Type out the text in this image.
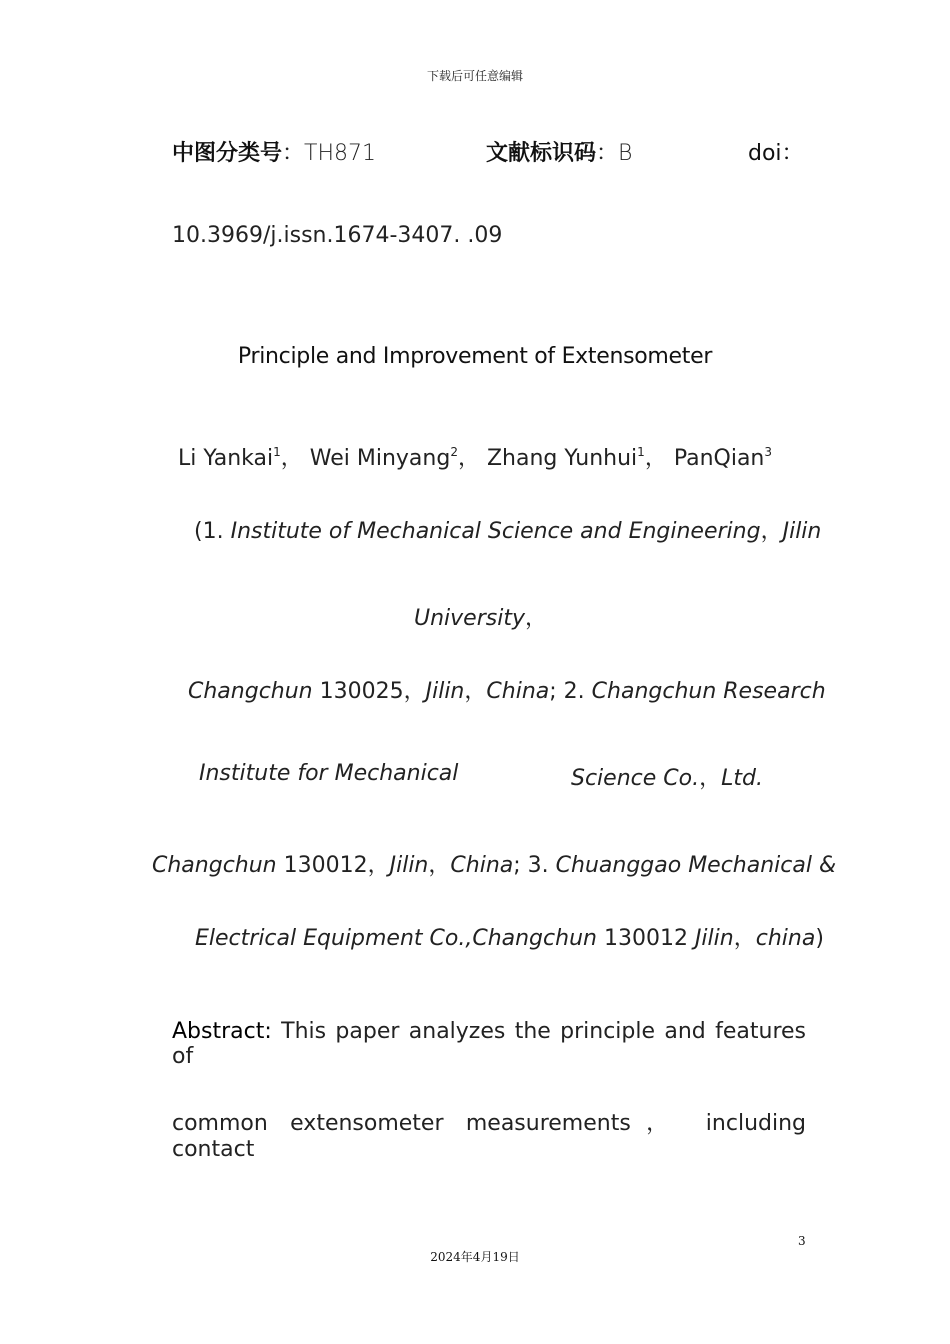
下载后可任意编辑
中图分类号：TH871	文献标识码：B	doi：
10.3969/j.issn.1674-3407. .09
Principle and Improvement of Extensometer
Li Yankai$^1$， Wei Minyang$^2$， Zhang Yunhui$^1$， PanQian$^3$
(1. Institute of Mechanical Science and Engineering，Jilin
University，
Changchun 130025，Jilin，China; 2. Changchun Research
Institute for Mechanical	Science Co.，Ltd.
Changchun 130012，Jilin，China; 3. Chuanggao Mechanical &
Electrical Equipment Co.,Changchun 130012 Jilin，china)
Abstract: This paper analyzes the principle and features of
common extensometer measurements， including contact
3
2024年4月19日
